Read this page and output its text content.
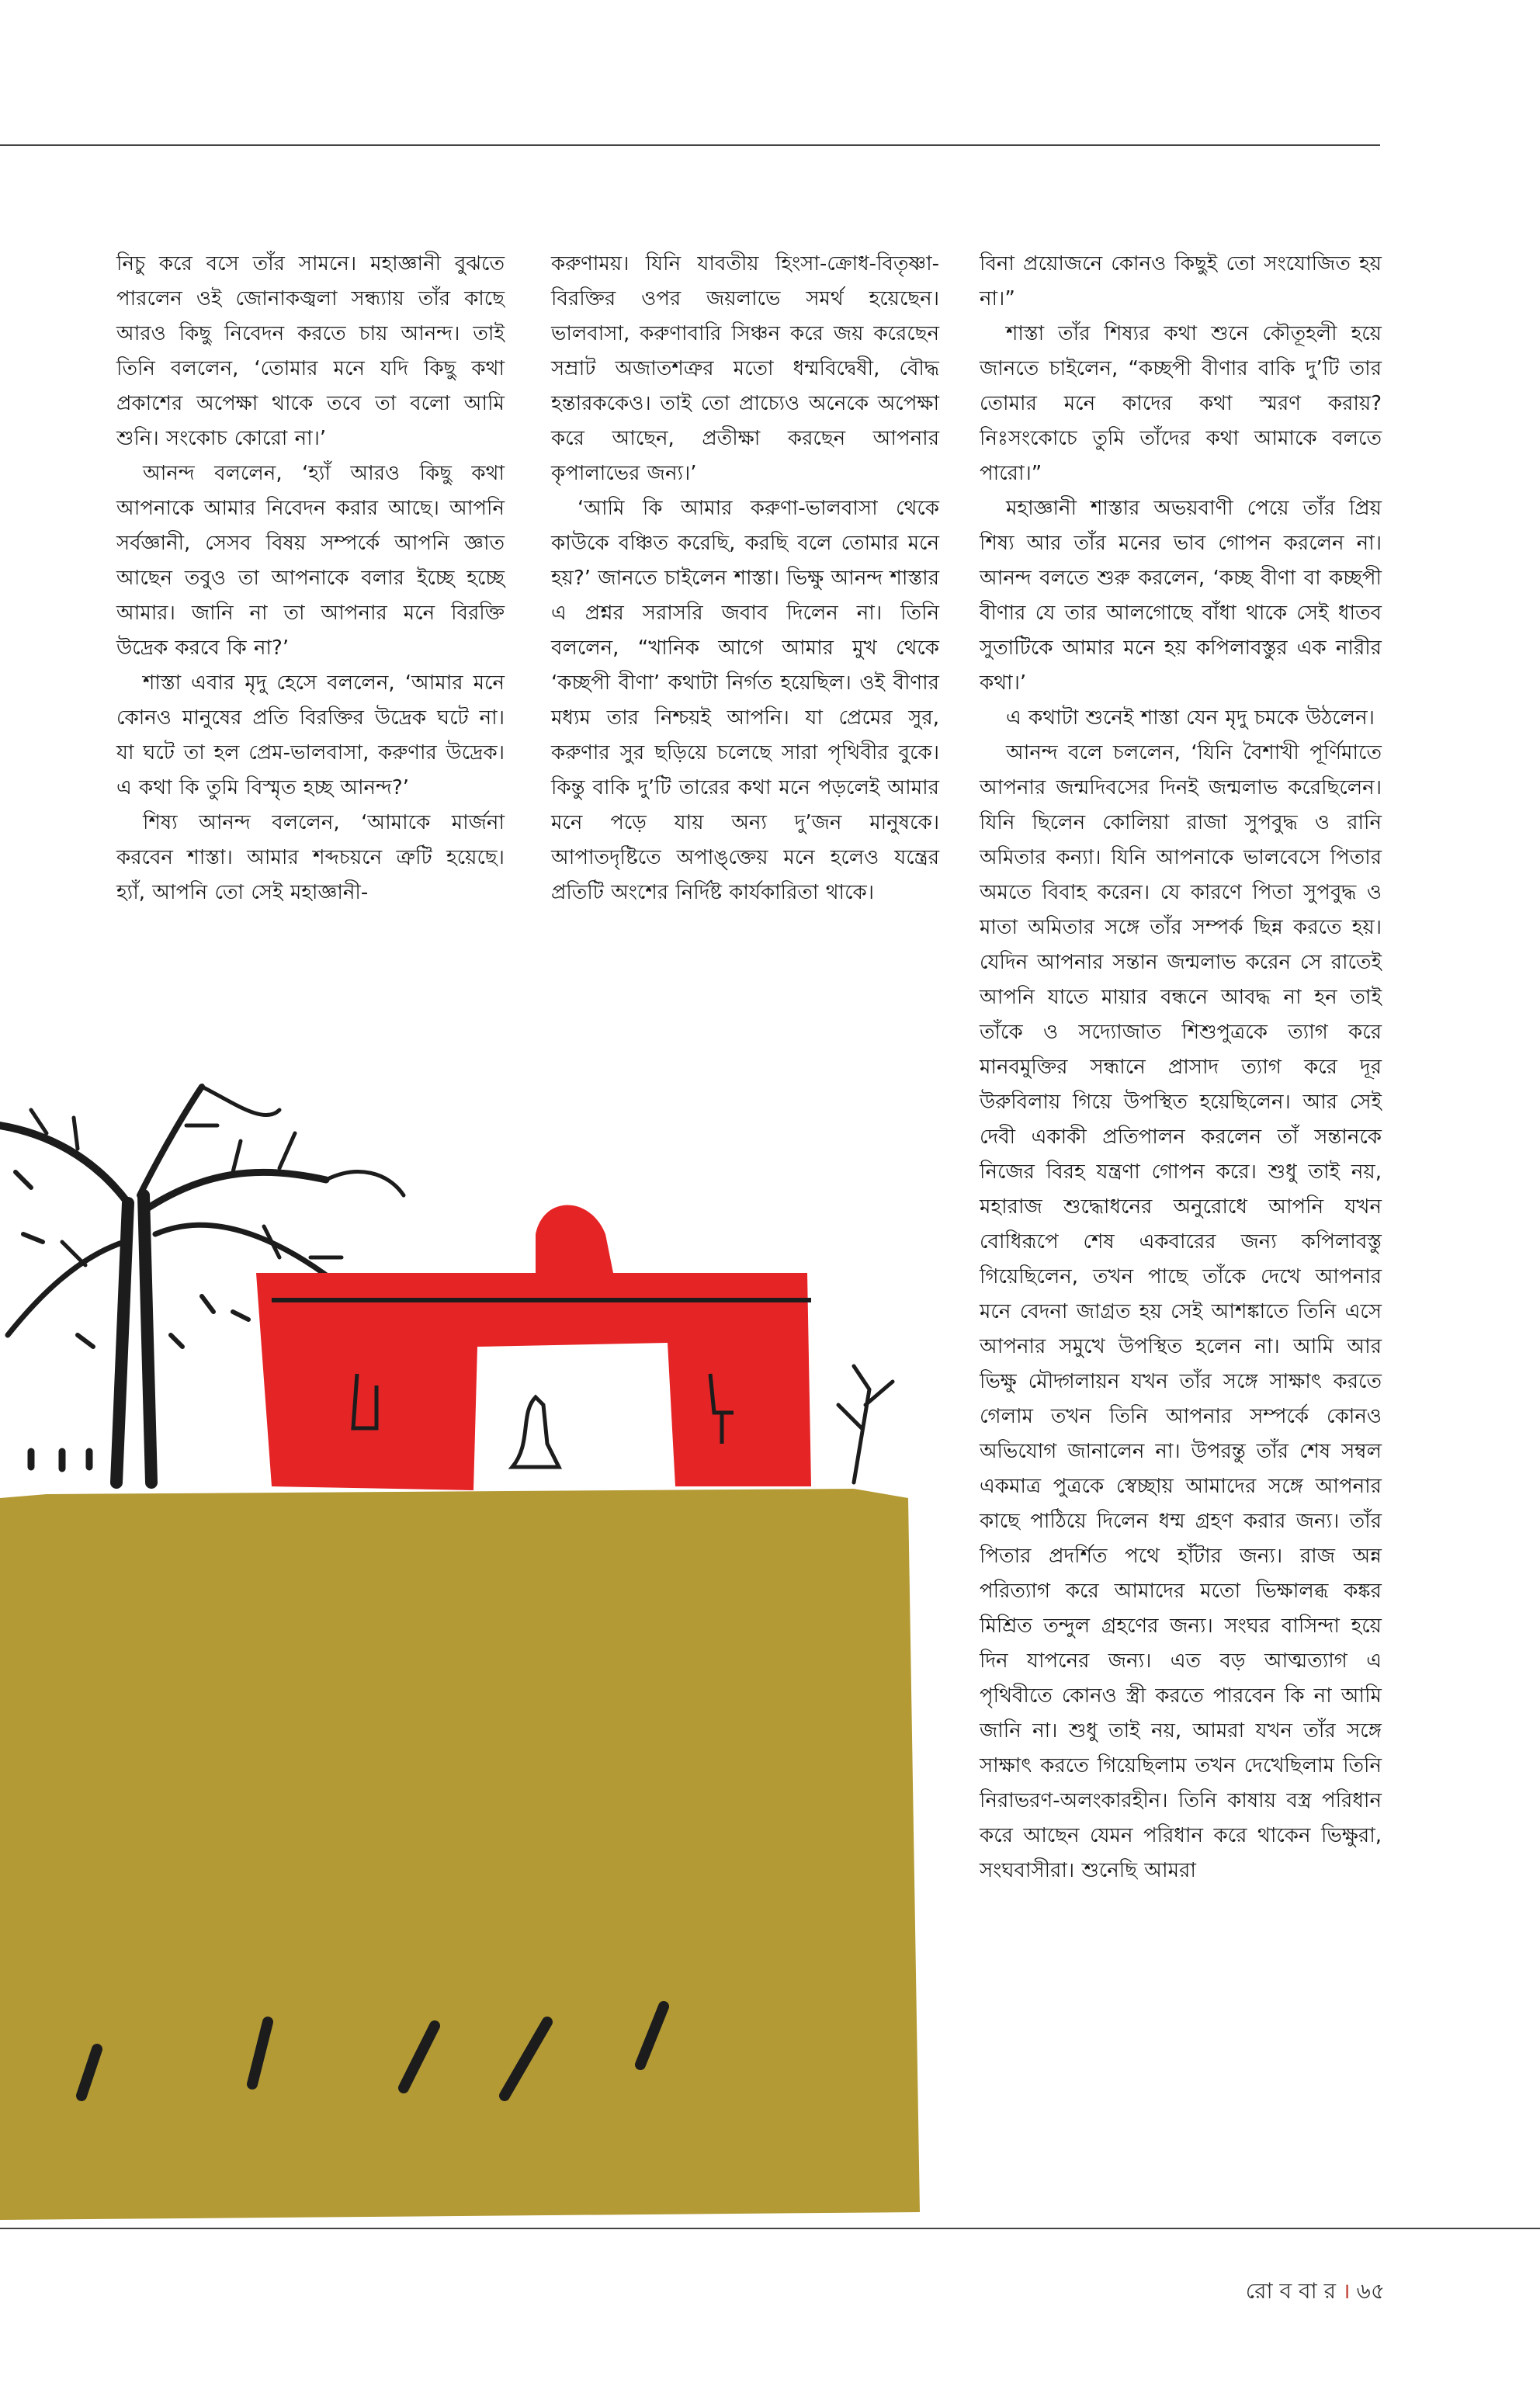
নিচু করে বসে তাঁর সামনে। মহাজ্ঞানী বুঝতে পারলেন ওই জোনাকজ্বলা সন্ধ্যায় তাঁর কাছে আরও কিছু নিবেদন করতে চায় আনন্দ। তাই তিনি বললেন, ‘তোমার মনে যদি কিছু কথা প্রকাশের অপেক্ষা থাকে তবে তা বলো আমি শুনি। সংকোচ কোরো না।’

আনন্দ বললেন, ‘হ্যাঁ আরও কিছু কথা আপনাকে আমার নিবেদন করার আছে। আপনি সর্বজ্ঞানী, সেসব বিষয় সম্পর্কে আপনি জ্ঞাত আছেন তবুও তা আপনাকে বলার ইচ্ছে হচ্ছে আমার। জানি না তা আপনার মনে বিরক্তি উদ্রেক করবে কি না?’

শাস্তা এবার মৃদু হেসে বললেন, ‘আমার মনে কোনও মানুষের প্রতি বিরক্তির উদ্রেক ঘটে না। যা ঘটে তা হল প্রেম-ভালবাসা, করুণার উদ্রেক। এ কথা কি তুমি বিস্মৃত হচ্ছ আনন্দ?’

শিষ্য আনন্দ বললেন, ‘আমাকে মার্জনা করবেন শাস্তা। আমার শব্দচয়নে ত্রুটি হয়েছে। হ্যাঁ, আপনি তো সেই মহাজ্ঞানী-

করুণাময়। যিনি যাবতীয় হিংসা-ক্রোধ-বিতৃষ্ণা-বিরক্তির ওপর জয়লাভে সমর্থ হয়েছেন। ভালবাসা, করুণাবারি সিঞ্চন করে জয় করেছেন সম্রাট অজাতশত্রুর মতো ধম্মবিদ্বেষী, বৌদ্ধ হন্তারককেও। তাই তো প্রাচ্যেও অনেকে অপেক্ষা করে আছেন, প্রতীক্ষা করছেন আপনার কৃপালাভের জন্য।’

‘আমি কি আমার করুণা-ভালবাসা থেকে কাউকে বঞ্চিত করেছি, করছি বলে তোমার মনে হয়?’ জানতে চাইলেন শাস্তা। ভিক্ষু আনন্দ শাস্তার এ প্রশ্নর সরাসরি জবাব দিলেন না। তিনি বললেন, “খানিক আগে আমার মুখ থেকে ‘কচ্ছপী বীণা’ কথাটা নির্গত হয়েছিল। ওই বীণার মধ্যম তার নিশ্চয়ই আপনি। যা প্রেমের সুর, করুণার সুর ছড়িয়ে চলেছে সারা পৃথিবীর বুকে। কিন্তু বাকি দু’টি তারের কথা মনে পড়লেই আমার মনে পড়ে যায় অন্য দু’জন মানুষকে। আপাতদৃষ্টিতে অপাঙ্‌ক্তেয় মনে হলেও যন্ত্রের প্রতিটি অংশের নির্দিষ্ট কার্যকারিতা থাকে।

বিনা প্রয়োজনে কোনও কিছুই তো সংযোজিত হয় না।”

শাস্তা তাঁর শিষ্যর কথা শুনে কৌতূহলী হয়ে জানতে চাইলেন, “কচ্ছপী বীণার বাকি দু’টি তার তোমার মনে কাদের কথা স্মরণ করায়? নিঃসংকোচে তুমি তাঁদের কথা আমাকে বলতে পারো।”

মহাজ্ঞানী শাস্তার অভয়বাণী পেয়ে তাঁর প্রিয় শিষ্য আর তাঁর মনের ভাব গোপন করলেন না। আনন্দ বলতে শুরু করলেন, ‘কচ্ছ বীণা বা কচ্ছপী বীণার যে তার আলগোছে বাঁধা থাকে সেই ধাতব সুতাটিকে আমার মনে হয় কপিলাবস্তুর এক নারীর কথা।’

এ কথাটা শুনেই শাস্তা যেন মৃদু চমকে উঠলেন।

আনন্দ বলে চললেন, ‘যিনি বৈশাখী পূর্ণিমাতে আপনার জন্মদিবসের দিনই জন্মলাভ করেছিলেন। যিনি ছিলেন কোলিয়া রাজা সুপবুদ্ধ ও রানি অমিতার কন্যা। যিনি আপনাকে ভালবেসে পিতার অমতে বিবাহ করেন। যে কারণে পিতা সুপবুদ্ধ ও মাতা অমিতার সঙ্গে তাঁর সম্পর্ক ছিন্ন করতে হয়। যেদিন আপনার সন্তান জন্মলাভ করেন সে রাতেই আপনি যাতে মায়ার বন্ধনে আবদ্ধ না হন তাই তাঁকে ও সদ্যোজাত শিশুপুত্রকে ত্যাগ করে মানবমুক্তির সন্ধানে প্রাসাদ ত্যাগ করে দূর উরুবিলায় গিয়ে উপস্থিত হয়েছিলেন। আর সেই দেবী একাকী প্রতিপালন করলেন তাঁ সন্তানকে নিজের বিরহ যন্ত্রণা গোপন করে। শুধু তাই নয়, মহারাজ শুদ্ধোধনের অনুরোধে আপনি যখন বোধিরূপে শেষ একবারের জন্য কপিলাবস্তু গিয়েছিলেন, তখন পাছে তাঁকে দেখে আপনার মনে বেদনা জাগ্রত হয় সেই আশঙ্কাতে তিনি এসে আপনার সমুখে উপস্থিত হলেন না। আমি আর ভিক্ষু মৌদ্গলায়ন যখন তাঁর সঙ্গে সাক্ষাৎ করতে গেলাম তখন তিনি আপনার সম্পর্কে কোনও অভিযোগ জানালেন না। উপরন্তু তাঁর শেষ সম্বল একমাত্র পুত্রকে স্বেচ্ছায় আমাদের সঙ্গে আপনার কাছে পাঠিয়ে দিলেন ধম্ম গ্রহণ করার জন্য। তাঁর পিতার প্রদর্শিত পথে হাঁটার জন্য। রাজ অন্ন পরিত্যাগ করে আমাদের মতো ভিক্ষালব্ধ কঙ্কর মিশ্রিত তন্দুল গ্রহণের জন্য। সংঘর বাসিন্দা হয়ে দিন যাপনের জন্য। এত বড় আত্মত্যাগ এ পৃথিবীতে কোনও স্ত্রী করতে পারবেন কি না আমি জানি না। শুধু তাই নয়, আমরা যখন তাঁর সঙ্গে সাক্ষাৎ করতে গিয়েছিলাম তখন দেখেছিলাম তিনি নিরাভরণ-অলংকারহীন। তিনি কাষায় বস্ত্র পরিধান করে আছেন যেমন পরিধান করে থাকেন ভিক্ষুরা, সংঘবাসীরা। শুনেছি আমরা

রো ব বা র । ৬৫
